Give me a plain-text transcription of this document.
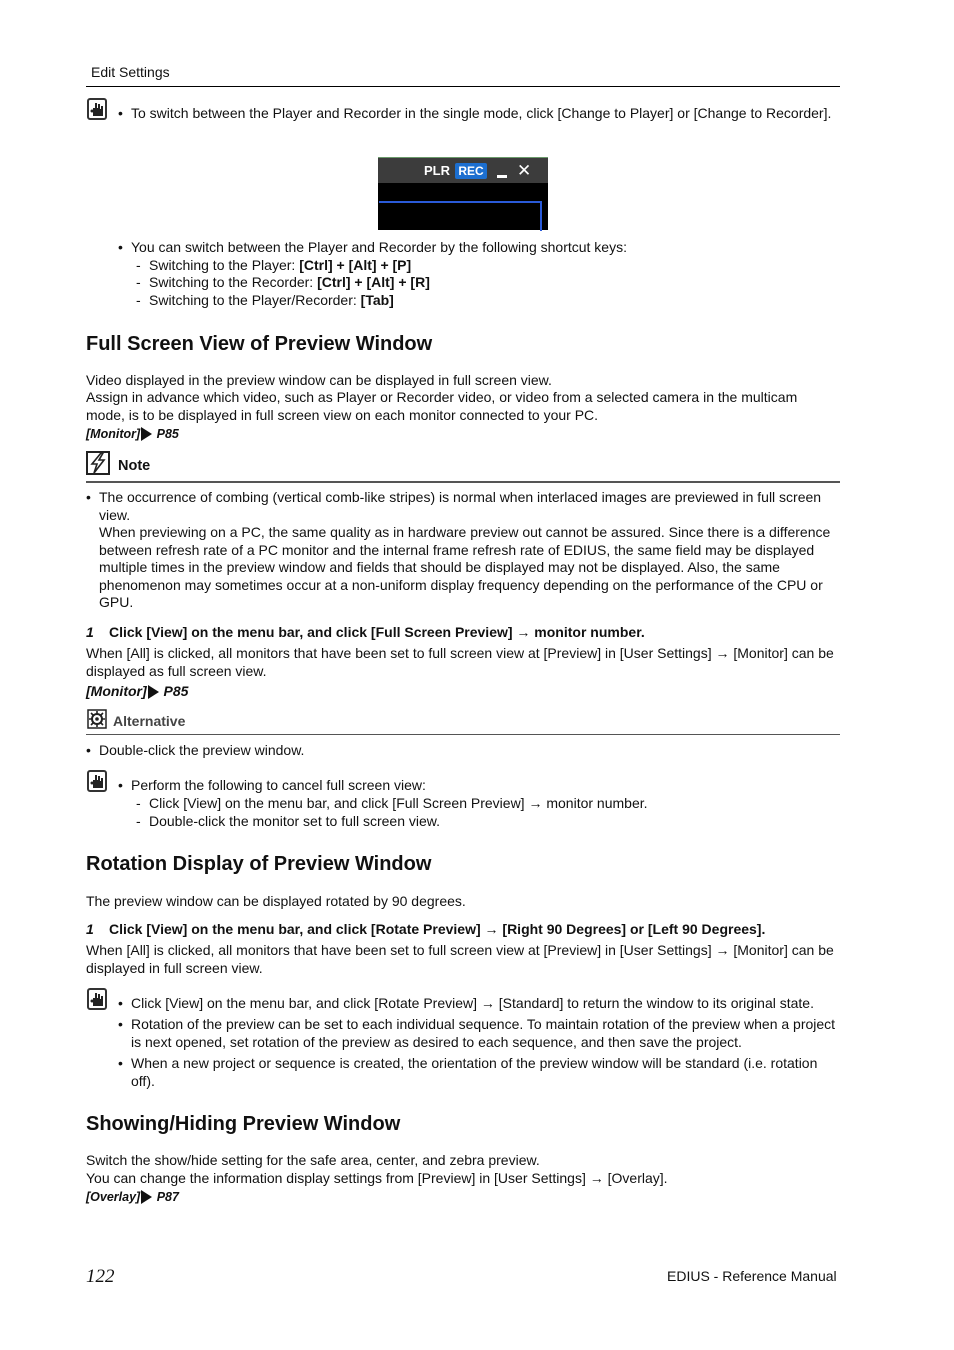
Edit Settings
• To switch between the Player and Recorder in the single mode, click [Change to Player] or [Change to Recorder].
PLR REC ✕
• You can switch between the Player and Recorder by the following shortcut keys:
- Switching to the Player: [Ctrl] + [Alt] + [P]
- Switching to the Recorder: [Ctrl] + [Alt] + [R]
- Switching to the Player/Recorder: [Tab]
Full Screen View of Preview Window
Video displayed in the preview window can be displayed in full screen view.
Assign in advance which video, such as Player or Recorder video, or video from a selected camera in the multicam mode, is to be displayed in full screen view on each monitor connected to your PC.
[Monitor] P85
Note
• The occurrence of combing (vertical comb-like stripes) is normal when interlaced images are previewed in full screen view.
When previewing on a PC, the same quality as in hardware preview out cannot be assured. Since there is a difference between refresh rate of a PC monitor and the internal frame refresh rate of EDIUS, the same field may be displayed multiple times in the preview window and fields that should be displayed may not be displayed. Also, the same phenomenon may sometimes occur at a non-uniform display frequency depending on the performance of the CPU or GPU.
1 Click [View] on the menu bar, and click [Full Screen Preview] → monitor number.
When [All] is clicked, all monitors that have been set to full screen view at [Preview] in [User Settings] → [Monitor] can be displayed as full screen view.
[Monitor] P85
Alternative
• Double-click the preview window.
• Perform the following to cancel full screen view:
- Click [View] on the menu bar, and click [Full Screen Preview] → monitor number.
- Double-click the monitor set to full screen view.
Rotation Display of Preview Window
The preview window can be displayed rotated by 90 degrees.
1 Click [View] on the menu bar, and click [Rotate Preview] → [Right 90 Degrees] or [Left 90 Degrees].
When [All] is clicked, all monitors that have been set to full screen view at [Preview] in [User Settings] → [Monitor] can be displayed in full screen view.
• Click [View] on the menu bar, and click [Rotate Preview] → [Standard] to return the window to its original state.
• Rotation of the preview can be set to each individual sequence. To maintain rotation of the preview when a project is next opened, set rotation of the preview as desired to each sequence, and then save the project.
• When a new project or sequence is created, the orientation of the preview window will be standard (i.e. rotation off).
Showing/Hiding Preview Window
Switch the show/hide setting for the safe area, center, and zebra preview.
You can change the information display settings from [Preview] in [User Settings] → [Overlay].
[Overlay] P87
122	EDIUS - Reference Manual
